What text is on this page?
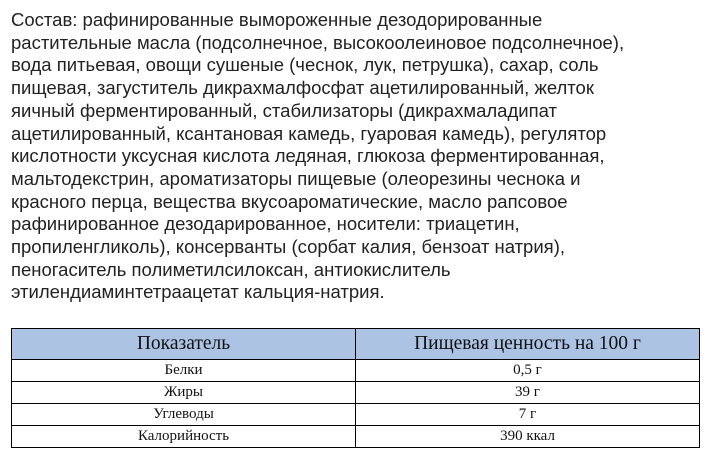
Состав: рафинированные вымороженные дезодорированные
растительные масла (подсолнечное, высокоолеиновое подсолнечное),
вода питьевая, овощи сушеные (чеснок, лук, петрушка), сахар, соль
пищевая, загуститель дикрахмалфосфат ацетилированный, желток
яичный ферментированный, стабилизаторы (дикрахмаладипат
ацетилированный, ксантановая камедь, гуаровая камедь), регулятор
кислотности уксусная кислота ледяная, глюкоза ферментированная,
мальтодекстрин, ароматизаторы пищевые (олеорезины чеснока и
красного перца, вещества вкусоароматические, масло рапсовое
рафинированное дезодарированное, носители: триацетин,
пропиленгликоль), консерванты (сорбат калия, бензоат натрия),
пеногаситель полиметилсилоксан, антиокислитель
этилендиаминтетраацетат кальция-натрия.
Показатель	Пищевая ценность на 100 г
Белки	0,5 г
Жиры	39 г
Углеводы	7 г
Калорийность	390 ккал
